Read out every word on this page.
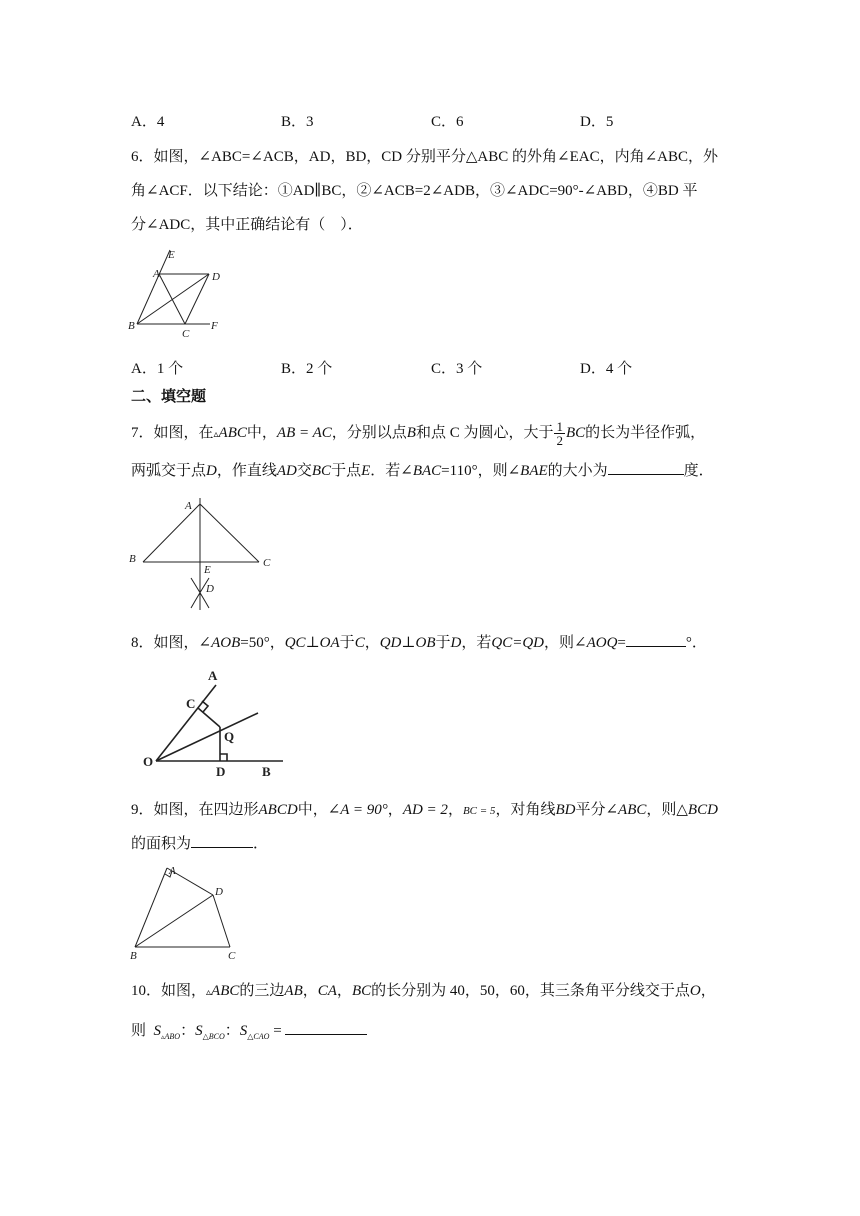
A．4	B．3	C．6	D．5
6．如图，∠ABC=∠ACB，AD，BD，CD 分别平分△ABC 的外角∠EAC，内角∠ABC，外
角∠ACF．以下结论：①AD∥BC，②∠ACB=2∠ADB，③∠ADC=90°-∠ABD，④BD 平
分∠ADC，其中正确结论有（　）．
E
A	D
B
C
F
A．1 个	B．2 个	C．3 个	D．4 个
二、填空题
7．如图，在▵ABC中，AB = AC，分别以点B和点 C 为圆心，大于 $\frac{1}{2}$ BC的长为半径作弧，
两弧交于点D，作直线AD交BC于点E．若∠BAC=110°，则∠BAE的大小为	度．
A
B	C
E
D
8．如图，∠AOB=50°，QC⊥OA于C，QD⊥OB于D，若QC=QD，则∠AOQ=	°．
A
C
Q
O
D	B
9．如图，在四边形ABCD中，∠A = 90°，AD = 2，BC = 5，对角线BD平分∠ABC，则△BCD
的面积为	．
A
D
B	C
10．如图，▵ABC的三边AB，CA，BC的长分别为 40，50，60，其三条角平分线交于点O，
则 $S_{▵ABO}$：$S_{\triangle BCO}$：$S_{\triangle CAO}$ =
